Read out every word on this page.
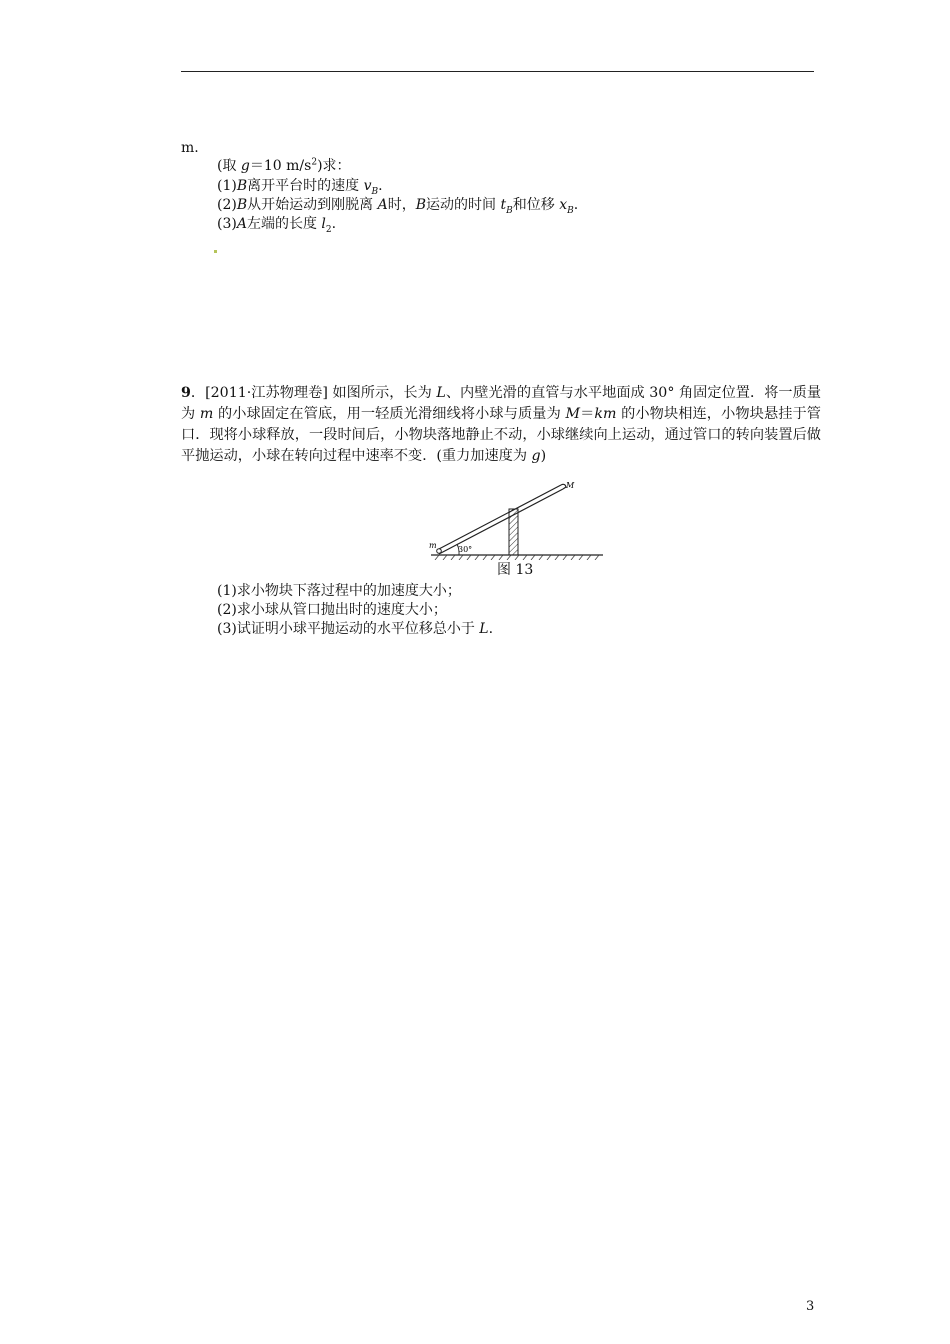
m.
(取 g＝10 $m/s^2$)求：
(1)B离开平台时的速度 $v_B$.
(2)B从开始运动到刚脱离 A时，B运动的时间 $t_B$和位移 $x_B$.
(3)A左端的长度 $l_2$.
9．[2011·江苏物理卷] 如图所示，长为 L、内壁光滑的直管与水平地面成 30° 角固定位置．将一质量为 m 的小球固定在管底，用一轻质光滑细线将小球与质量为 M＝km 的小物块相连，小物块悬挂于管口．现将小球释放，一段时间后，小物块落地静止不动，小球继续向上运动，通过管口的转向装置后做平抛运动，小球在转向过程中速率不变．(重力加速度为 g)
30°
m
M
图 13
(1)求小物块下落过程中的加速度大小；
(2)求小球从管口抛出时的速度大小；
(3)试证明小球平抛运动的水平位移总小于 L.
3
